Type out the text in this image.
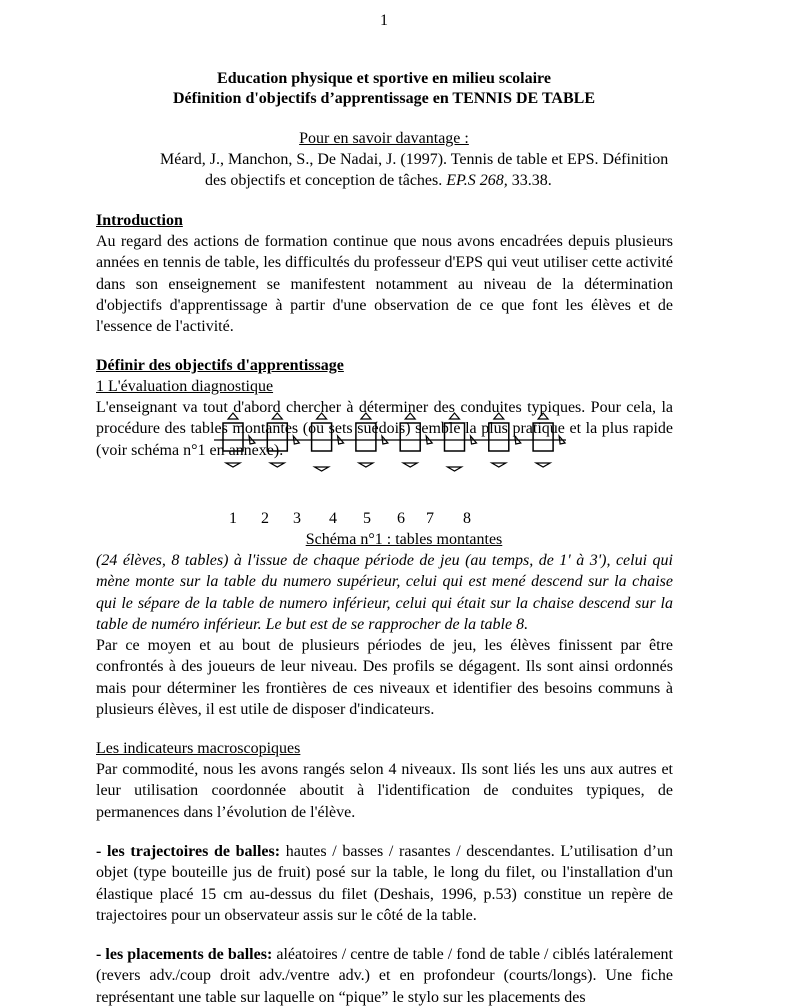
1
Education physique et sportive en milieu scolaire
Définition d'objectifs d’apprentissage en TENNIS DE TABLE
Pour en savoir davantage :
Méard, J., Manchon, S., De Nadai, J. (1997). Tennis de table et EPS. Définition
des objectifs et conception de tâches. EP.S 268, 33.38.
Introduction
Au regard des actions de formation continue que nous avons encadrées depuis plusieurs années en tennis de table, les difficultés du professeur d'EPS qui veut utiliser cette activité dans son enseignement se manifestent notamment au niveau de la détermination d'objectifs d'apprentissage à partir d'une observation de ce que font les élèves et de l'essence de l'activité.
Définir des objectifs d'apprentissage
1 L'évaluation diagnostique
L'enseignant va tout d'abord chercher à déterminer des conduites typiques. Pour cela, la procédure des tables montantes (ou sets suédois) semble la plus pratique et la plus rapide (voir schéma n°1 en annexe).
Schéma n°1 : tables montantes
(24 élèves, 8 tables) à l'issue de chaque période de jeu (au temps, de 1' à 3'), celui qui mène monte sur la table du numero supérieur, celui qui est mené descend sur la chaise qui le sépare de la table de numero inférieur, celui qui était sur la chaise descend sur la table de numéro inférieur. Le but est de se rapprocher de la table 8.
Par ce moyen et au bout de plusieurs périodes de jeu, les élèves finissent par être confrontés à des joueurs de leur niveau. Des profils se dégagent. Ils sont ainsi ordonnés mais pour déterminer les frontières de ces niveaux et identifier des besoins communs à plusieurs élèves, il est utile de disposer d'indicateurs.
Les indicateurs macroscopiques
Par commodité, nous les avons rangés selon 4 niveaux. Ils sont liés les uns aux autres et leur utilisation coordonnée aboutit à l'identification de conduites typiques, de permanences dans l’évolution de l'élève.
- les trajectoires de balles: hautes / basses / rasantes / descendantes. L’utilisation d’un objet (type bouteille jus de fruit) posé sur la table, le long du filet, ou l'installation d'un élastique placé 15 cm au-dessus du filet (Deshais, 1996, p.53) constitue un repère de trajectoires pour un observateur assis sur le côté de la table.
- les placements de balles: aléatoires / centre de table / fond de table / ciblés latéralement (revers adv./coup droit adv./ventre adv.) et en profondeur (courts/longs). Une fiche représentant une table sur laquelle on “pique” le stylo sur les placements des
1 2 3 4 5 6 7 8
